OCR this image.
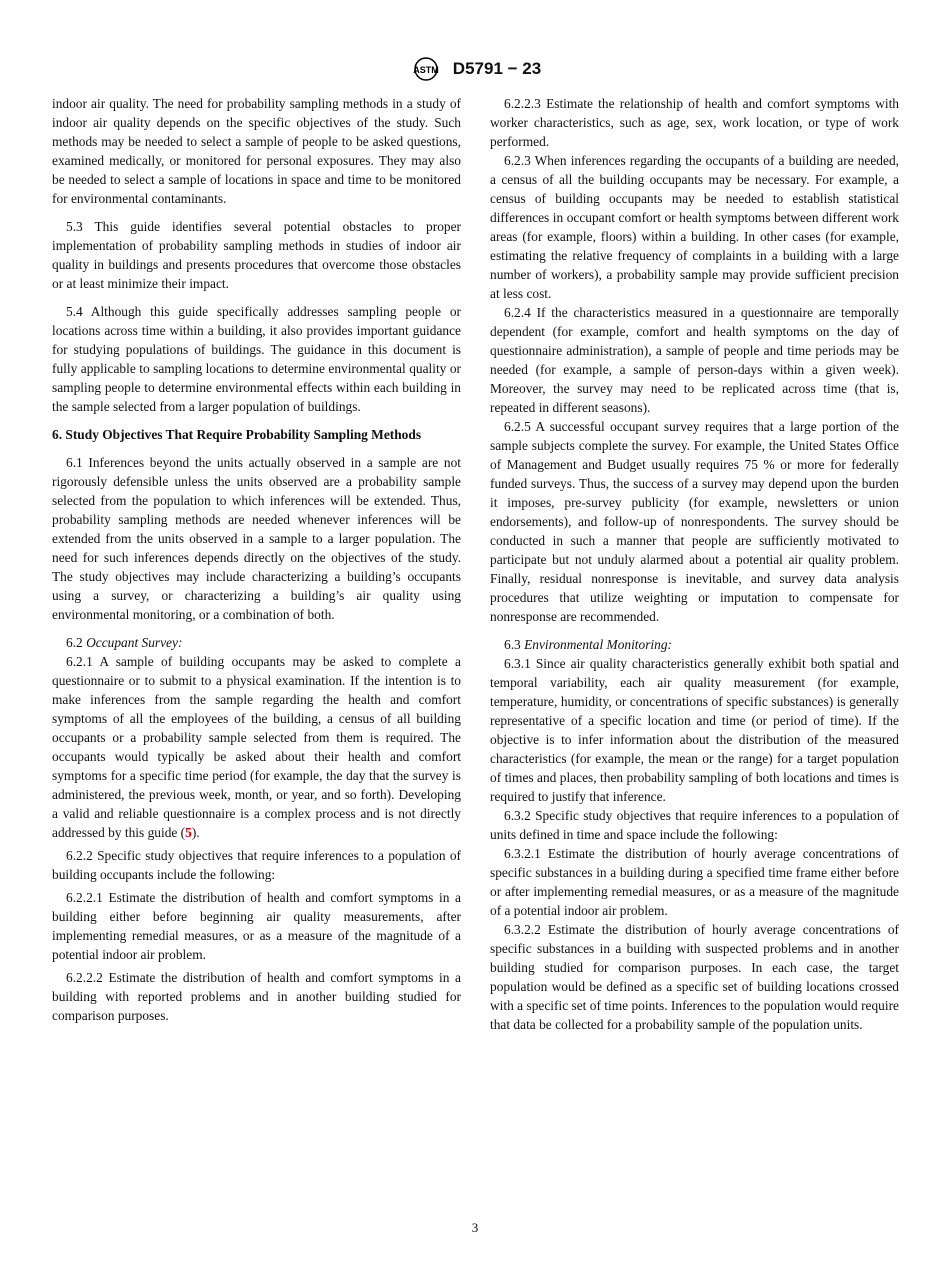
ASTM D5791 − 23

indoor air quality. The need for probability sampling methods in a study of indoor air quality depends on the specific objectives of the study. Such methods may be needed to select a sample of people to be asked questions, examined medically, or monitored for personal exposures. They may also be needed to select a sample of locations in space and time to be monitored for environmental contaminants.

5.3 This guide identifies several potential obstacles to proper implementation of probability sampling methods in studies of indoor air quality in buildings and presents procedures that overcome those obstacles or at least minimize their impact.

5.4 Although this guide specifically addresses sampling people or locations across time within a building, it also provides important guidance for studying populations of buildings. The guidance in this document is fully applicable to sampling locations to determine environmental quality or sampling people to determine environmental effects within each building in the sample selected from a larger population of buildings.

6. Study Objectives That Require Probability Sampling Methods

6.1 Inferences beyond the units actually observed in a sample are not rigorously defensible unless the units observed are a probability sample selected from the population to which inferences will be extended. Thus, probability sampling methods are needed whenever inferences will be extended from the units observed in a sample to a larger population. The need for such inferences depends directly on the objectives of the study. The study objectives may include characterizing a building’s occupants using a survey, or characterizing a building’s air quality using environmental monitoring, or a combination of both.

6.2 Occupant Survey:

6.2.1 A sample of building occupants may be asked to complete a questionnaire or to submit to a physical examination. If the intention is to make inferences from the sample regarding the health and comfort symptoms of all the employees of the building, a census of all building occupants or a probability sample selected from them is required. The occupants would typically be asked about their health and comfort symptoms for a specific time period (for example, the day that the survey is administered, the previous week, month, or year, and so forth). Developing a valid and reliable questionnaire is a complex process and is not directly addressed by this guide (5).

6.2.2 Specific study objectives that require inferences to a population of building occupants include the following:

6.2.2.1 Estimate the distribution of health and comfort symptoms in a building either before beginning air quality measurements, after implementing remedial measures, or as a measure of the magnitude of a potential indoor air problem.

6.2.2.2 Estimate the distribution of health and comfort symptoms in a building with reported problems and in another building studied for comparison purposes.

6.2.2.3 Estimate the relationship of health and comfort symptoms with worker characteristics, such as age, sex, work location, or type of work performed.

6.2.3 When inferences regarding the occupants of a building are needed, a census of all the building occupants may be necessary. For example, a census of building occupants may be needed to establish statistical differences in occupant comfort or health symptoms between different work areas (for example, floors) within a building. In other cases (for example, estimating the relative frequency of complaints in a building with a large number of workers), a probability sample may provide sufficient precision at less cost.

6.2.4 If the characteristics measured in a questionnaire are temporally dependent (for example, comfort and health symptoms on the day of questionnaire administration), a sample of people and time periods may be needed (for example, a sample of person-days within a given week). Moreover, the survey may need to be replicated across time (that is, repeated in different seasons).

6.2.5 A successful occupant survey requires that a large portion of the sample subjects complete the survey. For example, the United States Office of Management and Budget usually requires 75 % or more for federally funded surveys. Thus, the success of a survey may depend upon the burden it imposes, pre-survey publicity (for example, newsletters or union endorsements), and follow-up of nonrespondents. The survey should be conducted in such a manner that people are sufficiently motivated to participate but not unduly alarmed about a potential air quality problem. Finally, residual nonresponse is inevitable, and survey data analysis procedures that utilize weighting or imputation to compensate for nonresponse are recommended.

6.3 Environmental Monitoring:

6.3.1 Since air quality characteristics generally exhibit both spatial and temporal variability, each air quality measurement (for example, temperature, humidity, or concentrations of specific substances) is generally representative of a specific location and time (or period of time). If the objective is to infer information about the distribution of the measured characteristics (for example, the mean or the range) for a target population of times and places, then probability sampling of both locations and times is required to justify that inference.

6.3.2 Specific study objectives that require inferences to a population of units defined in time and space include the following:

6.3.2.1 Estimate the distribution of hourly average concentrations of specific substances in a building during a specified time frame either before or after implementing remedial measures, or as a measure of the magnitude of a potential indoor air problem.

6.3.2.2 Estimate the distribution of hourly average concentrations of specific substances in a building with suspected problems and in another building studied for comparison purposes. In each case, the target population would be defined as a specific set of building locations crossed with a specific set of time points. Inferences to the population would require that data be collected for a probability sample of the population units.

3
